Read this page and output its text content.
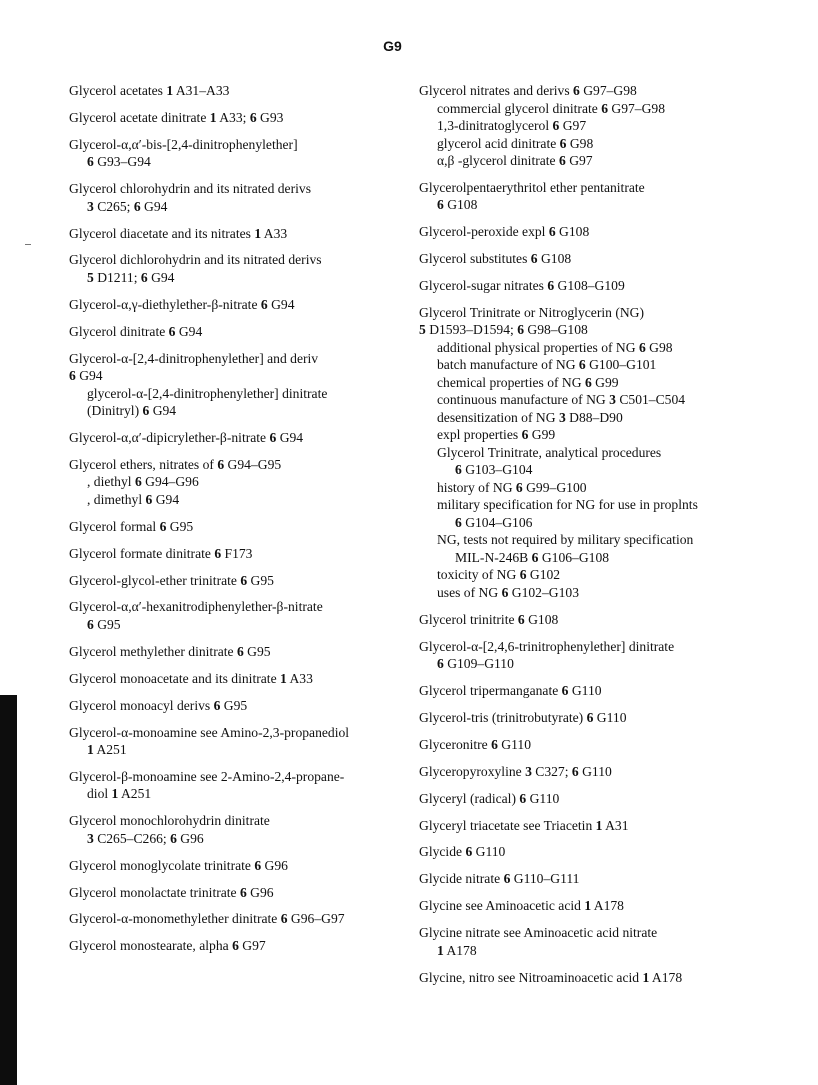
G9
Glycerol acetates 1 A31–A33
Glycerol acetate dinitrate 1 A33; 6 G93
Glycerol-α,α′-bis-[2,4-dinitrophenylether]
6 G93–G94
Glycerol chlorohydrin and its nitrated derivs
3 C265; 6 G94
Glycerol diacetate and its nitrates 1 A33
Glycerol dichlorohydrin and its nitrated derivs
5 D1211; 6 G94
Glycerol-α,γ-diethylether-β-nitrate 6 G94
Glycerol dinitrate 6 G94
Glycerol-α-[2,4-dinitrophenylether] and deriv
6 G94
glycerol-α-[2,4-dinitrophenylether] dinitrate
(Dinitryl) 6 G94
Glycerol-α,α′-dipicrylether-β-nitrate 6 G94
Glycerol ethers, nitrates of 6 G94–G95
, diethyl 6 G94–G96
, dimethyl 6 G94
Glycerol formal 6 G95
Glycerol formate dinitrate 6 F173
Glycerol-glycol-ether trinitrate 6 G95
Glycerol-α,α′-hexanitrodiphenylether-β-nitrate
6 G95
Glycerol methylether dinitrate 6 G95
Glycerol monoacetate and its dinitrate 1 A33
Glycerol monoacyl derivs 6 G95
Glycerol-α-monoamine see Amino-2,3-propanediol
1 A251
Glycerol-β-monoamine see 2-Amino-2,4-propane-
diol 1 A251
Glycerol monochlorohydrin dinitrate
3 C265–C266; 6 G96
Glycerol monoglycolate trinitrate 6 G96
Glycerol monolactate trinitrate 6 G96
Glycerol-α-monomethylether dinitrate 6 G96–G97
Glycerol monostearate, alpha 6 G97
Glycerol nitrates and derivs 6 G97–G98
commercial glycerol dinitrate 6 G97–G98
1,3-dinitratoglycerol 6 G97
glycerol acid dinitrate 6 G98
α,β -glycerol dinitrate 6 G97
Glycerolpentaerythritol ether pentanitrate
6 G108
Glycerol-peroxide expl 6 G108
Glycerol substitutes 6 G108
Glycerol-sugar nitrates 6 G108–G109
Glycerol Trinitrate or Nitroglycerin (NG)
5 D1593–D1594; 6 G98–G108
additional physical properties of NG 6 G98
batch manufacture of NG 6 G100–G101
chemical properties of NG 6 G99
continuous manufacture of NG 3 C501–C504
desensitization of NG 3 D88–D90
expl properties 6 G99
Glycerol Trinitrate, analytical procedures
6 G103–G104
history of NG 6 G99–G100
military specification for NG for use in proplnts
6 G104–G106
NG, tests not required by military specification
MIL-N-246B 6 G106–G108
toxicity of NG 6 G102
uses of NG 6 G102–G103
Glycerol trinitrite 6 G108
Glycerol-α-[2,4,6-trinitrophenylether] dinitrate
6 G109–G110
Glycerol tripermanganate 6 G110
Glycerol-tris (trinitrobutyrate) 6 G110
Glyceronitre 6 G110
Glyceropyroxyline 3 C327; 6 G110
Glyceryl (radical) 6 G110
Glyceryl triacetate see Triacetin 1 A31
Glycide 6 G110
Glycide nitrate 6 G110–G111
Glycine see Aminoacetic acid 1 A178
Glycine nitrate see Aminoacetic acid nitrate
1 A178
Glycine, nitro see Nitroaminoacetic acid 1 A178
